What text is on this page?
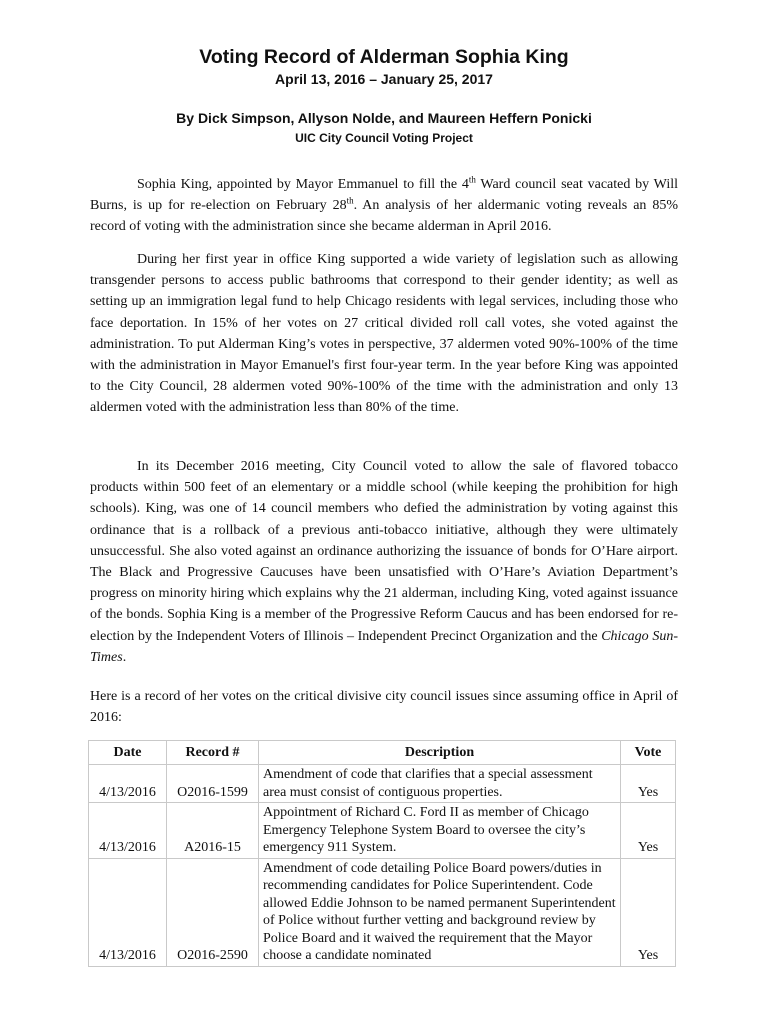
Voting Record of Alderman Sophia King
April 13, 2016 – January 25, 2017
By Dick Simpson, Allyson Nolde, and Maureen Heffern Ponicki
UIC City Council Voting Project

Sophia King, appointed by Mayor Emmanuel to fill the 4th Ward council seat vacated by Will Burns, is up for re-election on February 28th. An analysis of her aldermanic voting reveals an 85% record of voting with the administration since she became alderman in April 2016.

During her first year in office King supported a wide variety of legislation such as allowing transgender persons to access public bathrooms that correspond to their gender identity; as well as setting up an immigration legal fund to help Chicago residents with legal services, including those who face deportation. In 15% of her votes on 27 critical divided roll call votes, she voted against the administration. To put Alderman King’s votes in perspective, 37 aldermen voted 90%-100% of the time with the administration in Mayor Emanuel's first four-year term. In the year before King was appointed to the City Council, 28 aldermen voted 90%-100% of the time with the administration and only 13 aldermen voted with the administration less than 80% of the time.

In its December 2016 meeting, City Council voted to allow the sale of flavored tobacco products within 500 feet of an elementary or a middle school (while keeping the prohibition for high schools). King, was one of 14 council members who defied the administration by voting against this ordinance that is a rollback of a previous anti-tobacco initiative, although they were ultimately unsuccessful. She also voted against an ordinance authorizing the issuance of bonds for O’Hare airport. The Black and Progressive Caucuses have been unsatisfied with O’Hare’s Aviation Department’s progress on minority hiring which explains why the 21 alderman, including King, voted against issuance of the bonds. Sophia King is a member of the Progressive Reform Caucus and has been endorsed for re-election by the Independent Voters of Illinois – Independent Precinct Organization and the Chicago Sun-Times.

Here is a record of her votes on the critical divisive city council issues since assuming office in April of 2016:

Date	Record #	Description	Vote
4/13/2016	O2016-1599	Amendment of code that clarifies that a special assessment area must consist of contiguous properties.	Yes
4/13/2016	A2016-15	Appointment of Richard C. Ford II as member of Chicago Emergency Telephone System Board to oversee the city’s emergency 911 System.	Yes
4/13/2016	O2016-2590	Amendment of code detailing Police Board powers/duties in recommending candidates for Police Superintendent. Code allowed Eddie Johnson to be named permanent Superintendent of Police without further vetting and background review by Police Board and it waived the requirement that the Mayor choose a candidate nominated	Yes
